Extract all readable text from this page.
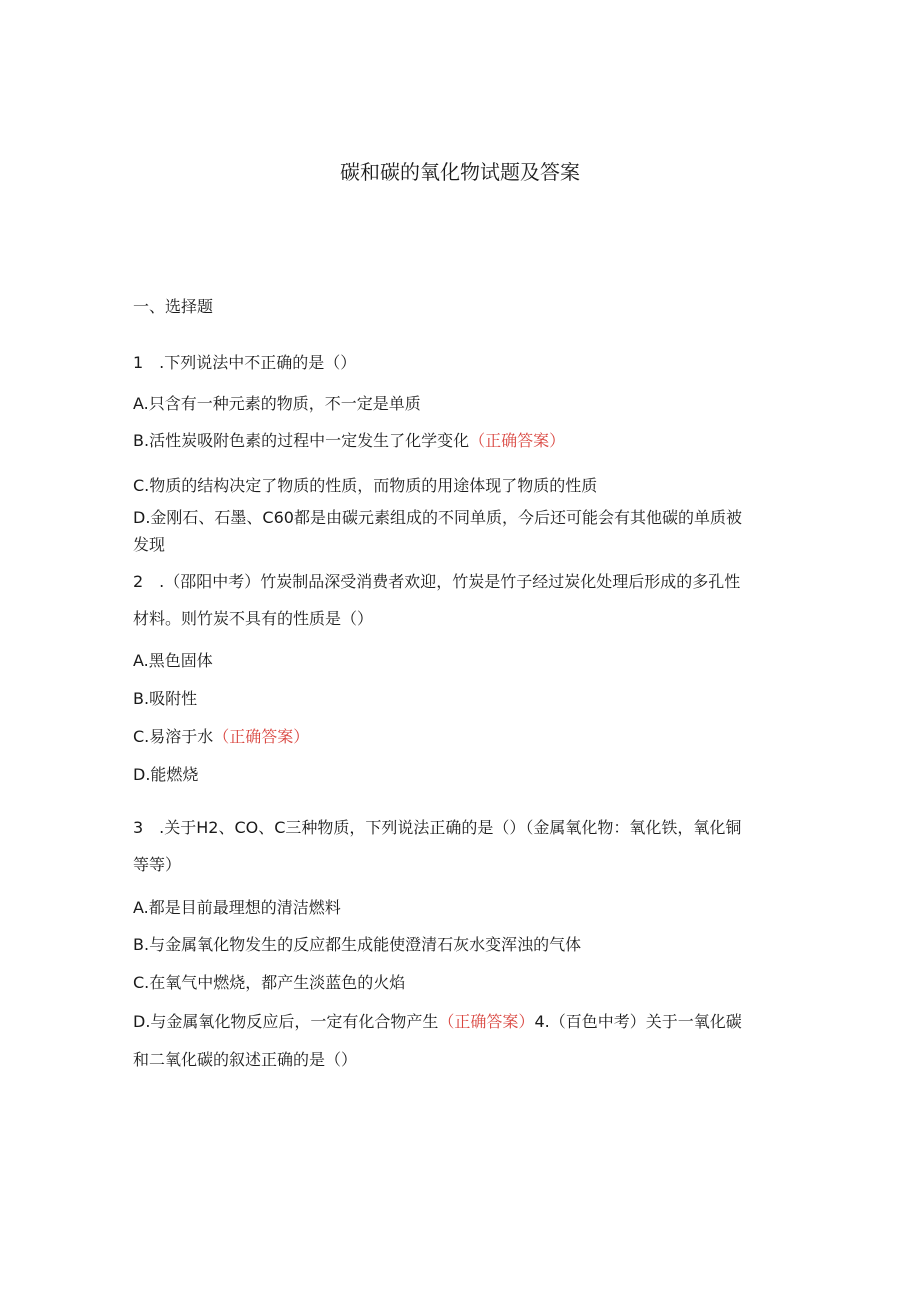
碳和碳的氧化物试题及答案
一、选择题
1　.下列说法中不正确的是（）
A.只含有一种元素的物质，不一定是单质
B.活性炭吸附色素的过程中一定发生了化学变化（正确答案）
C.物质的结构决定了物质的性质，而物质的用途体现了物质的性质
D.金刚石、石墨、C60都是由碳元素组成的不同单质，今后还可能会有其他碳的单质被
发现
2　.（邵阳中考）竹炭制品深受消费者欢迎，竹炭是竹子经过炭化处理后形成的多孔性
材料。则竹炭不具有的性质是（）
A.黑色固体
B.吸附性
C.易溶于水（正确答案）
D.能燃烧
3　.关于H2、CO、C三种物质，下列说法正确的是（）（金属氧化物：氧化铁，氧化铜
等等）
A.都是目前最理想的清洁燃料
B.与金属氧化物发生的反应都生成能使澄清石灰水变浑浊的气体
C.在氧气中燃烧，都产生淡蓝色的火焰
D.与金属氧化物反应后，一定有化合物产生（正确答案）4.（百色中考）关于一氧化碳
和二氧化碳的叙述正确的是（）
